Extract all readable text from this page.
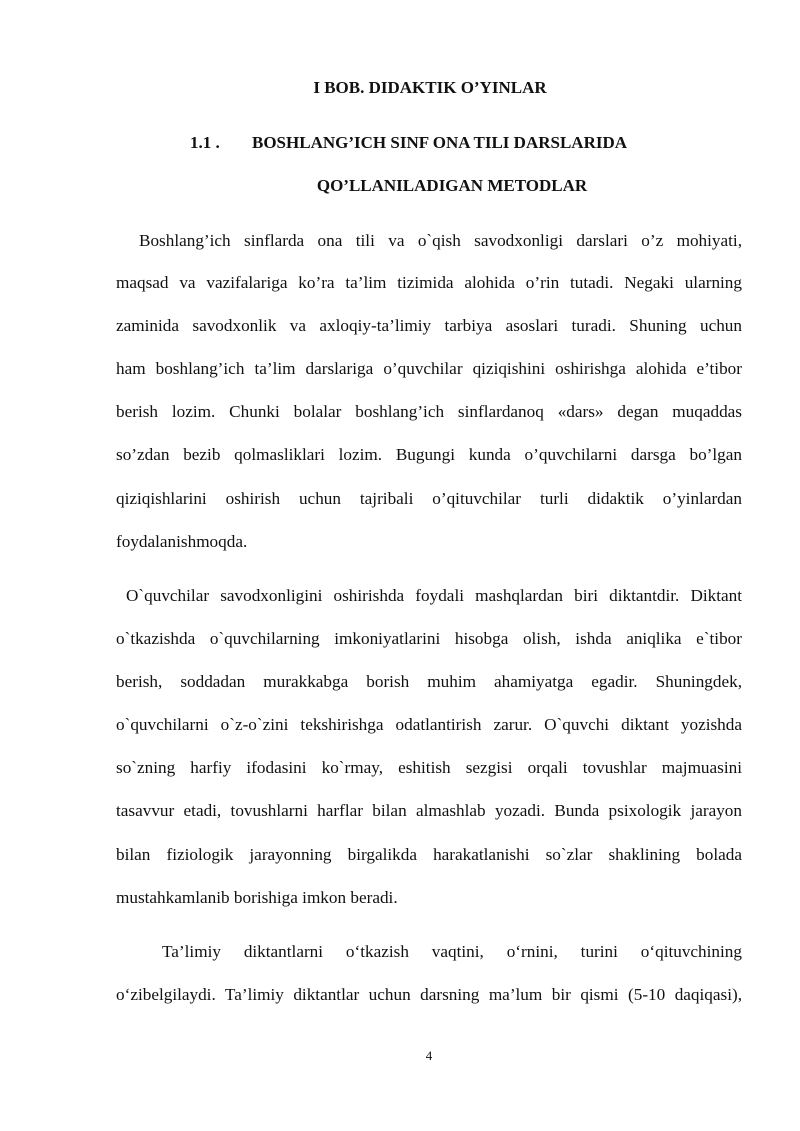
I BOB. DIDAKTIK O’YINLAR
1.1 . BOSHLANG’ICH SINF ONA TILI DARSLARIDA
QO’LLANILADIGAN METODLAR
Boshlang’ich sinflarda ona tili va o`qish savodxonligi darslari o’z mohiyati,
maqsad va vazifalariga ko’ra ta’lim tizimida alohida o’rin tutadi. Negaki ularning
zaminida savodxonlik va axloqiy-ta’limiy tarbiya asoslari turadi. Shuning uchun
ham boshlang’ich ta’lim darslariga o’quvchilar qiziqishini oshirishga alohida e’tibor
berish lozim. Chunki bolalar boshlang’ich sinflardanoq «dars» degan muqaddas
so’zdan bezib qolmasliklari lozim. Bugungi kunda o’quvchilarni darsga bo’lgan
qiziqishlarini oshirish uchun tajribali o’qituvchilar turli didaktik o’yinlardan
foydalanishmoqda.
O`quvchilar savodxonligini oshirishda foydali mashqlardan biri diktantdir. Diktant
o`tkazishda o`quvchilarning imkoniyatlarini hisobga olish, ishda aniqlika e`tibor
berish, soddadan murakkabga borish muhim ahamiyatga egadir. Shuningdek,
o`quvchilarni o`z-o`zini tekshirishga odatlantirish zarur. O`quvchi diktant yozishda
so`zning harfiy ifodasini ko`rmay, eshitish sezgisi orqali tovushlar majmuasini
tasavvur etadi, tovushlarni harflar bilan almashlab yozadi. Bunda psixologik jarayon
bilan fiziologik jarayonning birgalikda harakatlanishi so`zlar shaklining bolada
mustahkamlanib borishiga imkon beradi.
Ta’limiy diktantlarni o‘tkazish vaqtini, o‘rnini, turini o‘qituvchining
o‘zibelgilaydi. Ta’limiy diktantlar uchun darsning ma’lum bir qismi (5-10 daqiqasi),
4
